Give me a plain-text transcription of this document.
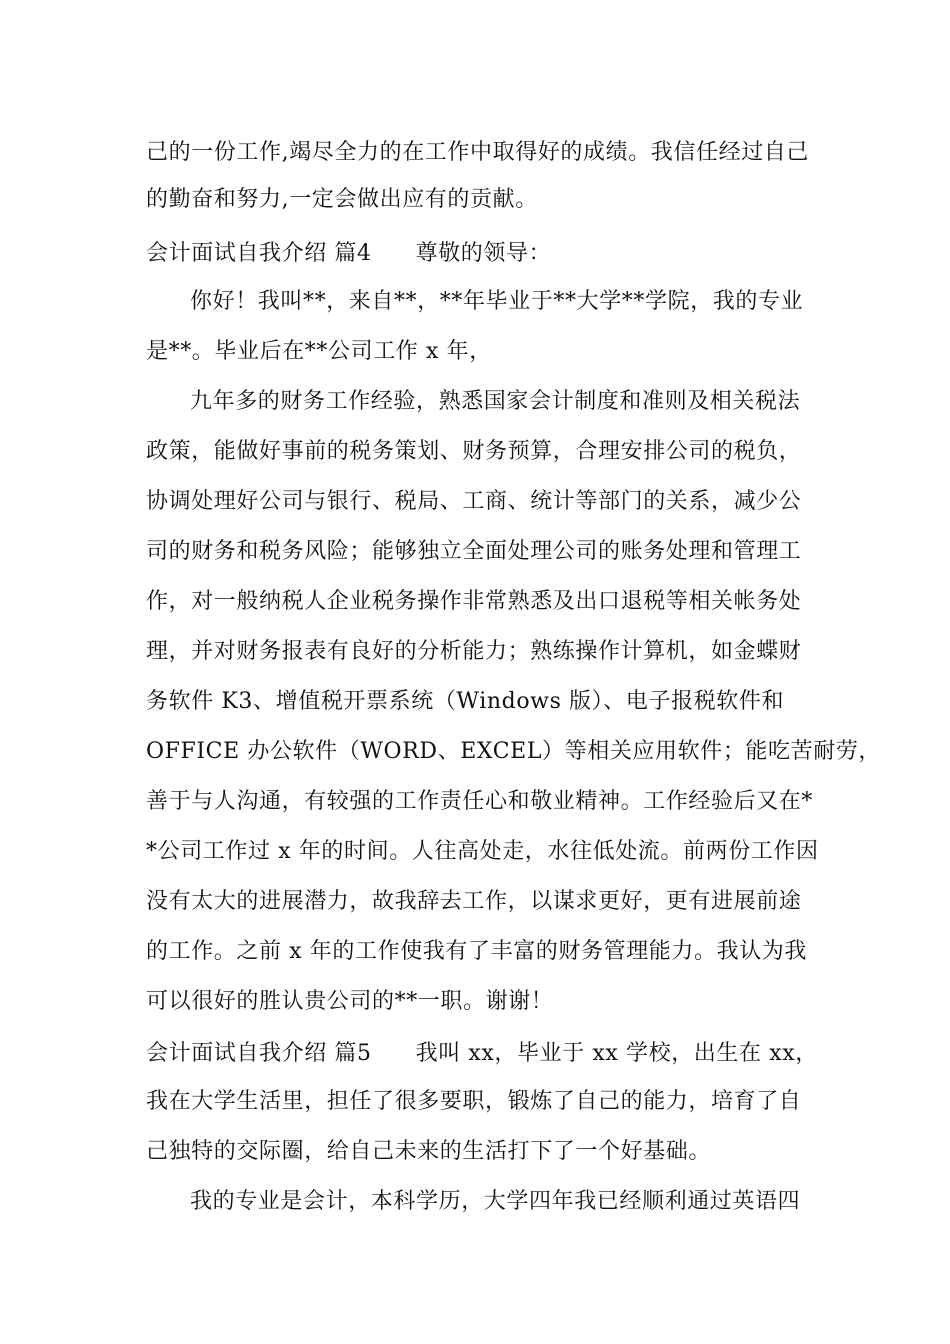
己的一份工作,竭尽全力的在工作中取得好的成绩。我信任经过自己
的勤奋和努力,一定会做出应有的贡献。
会计面试自我介绍 篇4 尊敬的领导：
你好！我叫**，来自**，**年毕业于**大学**学院，我的专业
是**。毕业后在**公司工作 x 年，
九年多的财务工作经验，熟悉国家会计制度和准则及相关税法
政策，能做好事前的税务策划、财务预算，合理安排公司的税负，
协调处理好公司与银行、税局、工商、统计等部门的关系，减少公
司的财务和税务风险；能够独立全面处理公司的账务处理和管理工
作，对一般纳税人企业税务操作非常熟悉及出口退税等相关帐务处
理，并对财务报表有良好的分析能力；熟练操作计算机，如金蝶财
务软件 K3、增值税开票系统（Windows 版）、电子报税软件和
OFFICE 办公软件（WORD、EXCEL）等相关应用软件；能吃苦耐劳，
善于与人沟通，有较强的工作责任心和敬业精神。工作经验后又在*
*公司工作过 x 年的时间。人往高处走，水往低处流。前两份工作因
没有太大的进展潜力，故我辞去工作，以谋求更好，更有进展前途
的工作。之前 x 年的工作使我有了丰富的财务管理能力。我认为我
可以很好的胜认贵公司的**一职。谢谢！
会计面试自我介绍 篇5 我叫 xx，毕业于 xx 学校，出生在 xx，
我在大学生活里，担任了很多要职，锻炼了自己的能力，培育了自
己独特的交际圈，给自己未来的生活打下了一个好基础。
我的专业是会计，本科学历，大学四年我已经顺利通过英语四
